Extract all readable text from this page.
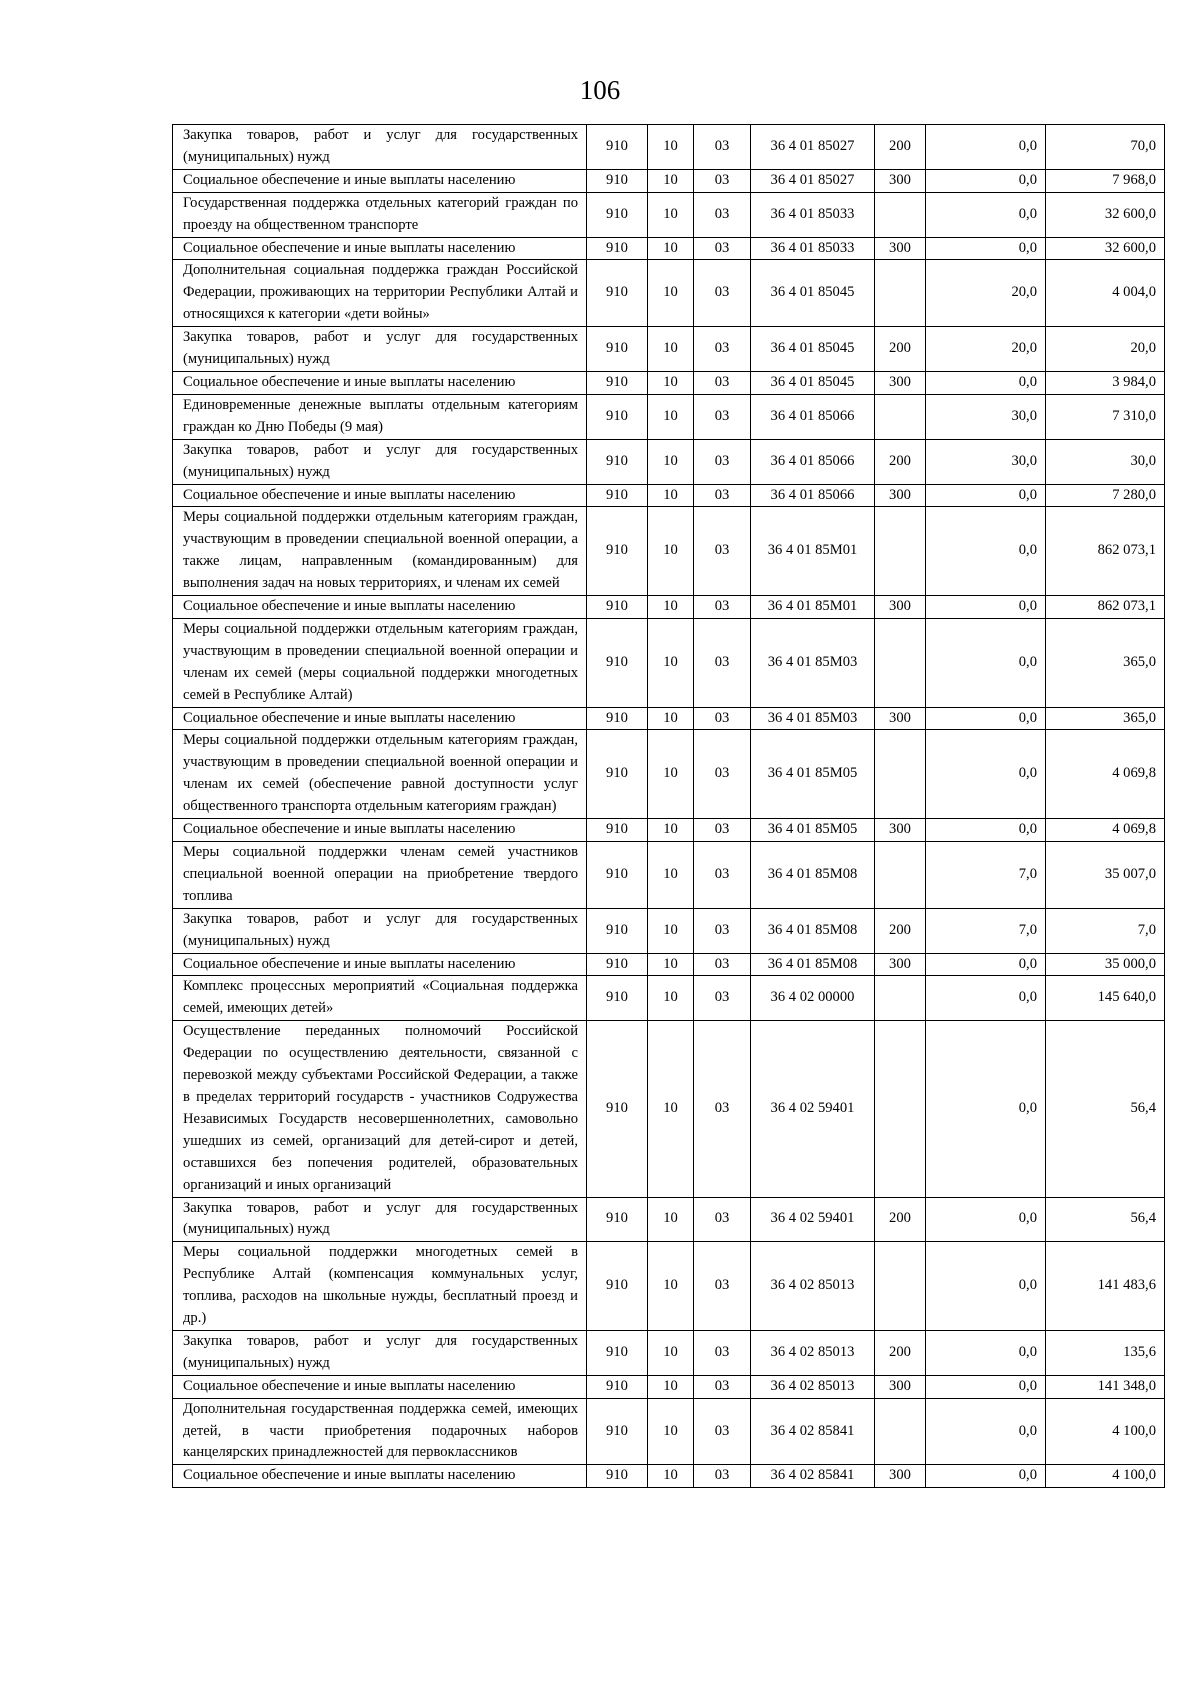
106
Закупка товаров, работ и услуг для государственных (муниципальных) нужд	910	10	03	36 4 01 85027	200	0,0	70,0
Социальное обеспечение и иные выплаты населению	910	10	03	36 4 01 85027	300	0,0	7 968,0
Государственная поддержка отдельных категорий граждан по проезду на общественном транспорте	910	10	03	36 4 01 85033		0,0	32 600,0
Социальное обеспечение и иные выплаты населению	910	10	03	36 4 01 85033	300	0,0	32 600,0
Дополнительная социальная поддержка граждан Российской Федерации, проживающих на территории Республики Алтай и относящихся к категории «дети войны»	910	10	03	36 4 01 85045		20,0	4 004,0
Закупка товаров, работ и услуг для государственных (муниципальных) нужд	910	10	03	36 4 01 85045	200	20,0	20,0
Социальное обеспечение и иные выплаты населению	910	10	03	36 4 01 85045	300	0,0	3 984,0
Единовременные денежные выплаты отдельным категориям граждан ко Дню Победы (9 мая)	910	10	03	36 4 01 85066		30,0	7 310,0
Закупка товаров, работ и услуг для государственных (муниципальных) нужд	910	10	03	36 4 01 85066	200	30,0	30,0
Социальное обеспечение и иные выплаты населению	910	10	03	36 4 01 85066	300	0,0	7 280,0
Меры социальной поддержки отдельным категориям граждан, участвующим в проведении специальной военной операции, а также лицам, направленным (командированным) для выполнения задач на новых территориях, и членам их семей	910	10	03	36 4 01 85М01		0,0	862 073,1
Социальное обеспечение и иные выплаты населению	910	10	03	36 4 01 85М01	300	0,0	862 073,1
Меры социальной поддержки отдельным категориям граждан, участвующим в проведении специальной военной операции и членам их семей (меры социальной поддержки многодетных семей в Республике Алтай)	910	10	03	36 4 01 85М03		0,0	365,0
Социальное обеспечение и иные выплаты населению	910	10	03	36 4 01 85М03	300	0,0	365,0
Меры социальной поддержки отдельным категориям граждан, участвующим в проведении специальной военной операции и членам их семей (обеспечение равной доступности услуг общественного транспорта отдельным категориям граждан)	910	10	03	36 4 01 85М05		0,0	4 069,8
Социальное обеспечение и иные выплаты населению	910	10	03	36 4 01 85М05	300	0,0	4 069,8
Меры социальной поддержки членам семей участников специальной военной операции на приобретение твердого топлива	910	10	03	36 4 01 85М08		7,0	35 007,0
Закупка товаров, работ и услуг для государственных (муниципальных) нужд	910	10	03	36 4 01 85М08	200	7,0	7,0
Социальное обеспечение и иные выплаты населению	910	10	03	36 4 01 85М08	300	0,0	35 000,0
Комплекс процессных мероприятий «Социальная поддержка семей, имеющих детей»	910	10	03	36 4 02 00000		0,0	145 640,0
Осуществление переданных полномочий Российской Федерации по осуществлению деятельности, связанной с перевозкой между субъектами Российской Федерации, а также в пределах территорий государств - участников Содружества Независимых Государств несовершеннолетних, самовольно ушедших из семей, организаций для детей-сирот и детей, оставшихся без попечения родителей, образовательных организаций и иных организаций	910	10	03	36 4 02 59401		0,0	56,4
Закупка товаров, работ и услуг для государственных (муниципальных) нужд	910	10	03	36 4 02 59401	200	0,0	56,4
Меры социальной поддержки многодетных семей в Республике Алтай (компенсация коммунальных услуг, топлива, расходов на школьные нужды, бесплатный проезд и др.)	910	10	03	36 4 02 85013		0,0	141 483,6
Закупка товаров, работ и услуг для государственных (муниципальных) нужд	910	10	03	36 4 02 85013	200	0,0	135,6
Социальное обеспечение и иные выплаты населению	910	10	03	36 4 02 85013	300	0,0	141 348,0
Дополнительная государственная поддержка семей, имеющих детей, в части приобретения подарочных наборов канцелярских принадлежностей для первоклассников	910	10	03	36 4 02 85841		0,0	4 100,0
Социальное обеспечение и иные выплаты населению	910	10	03	36 4 02 85841	300	0,0	4 100,0
